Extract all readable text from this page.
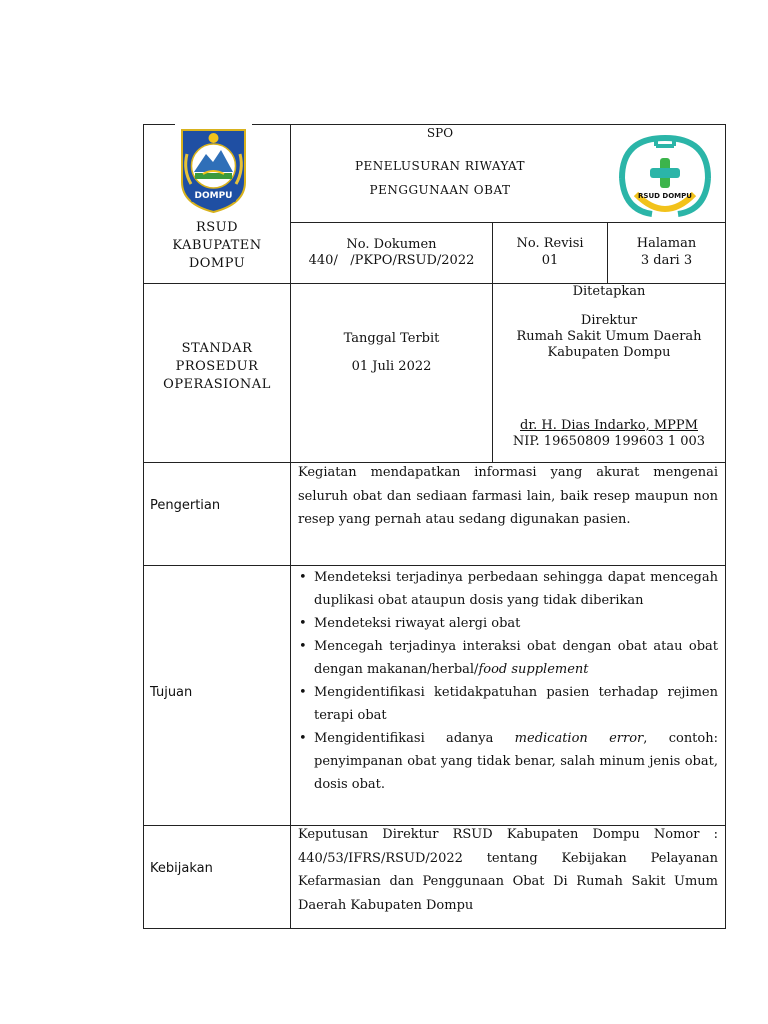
DOMPU
RSUD
KABUPATEN
DOMPU
SPO
PENELUSURAN RIWAYAT
PENGGUNAAN OBAT	RSUD DOMPU
No. Dokumen
440/   /PKPO/RSUD/2022
No. Revisi
01
Halaman
3 dari 3
STANDAR
PROSEDUR
OPERASIONAL
Tanggal Terbit
01 Juli 2022
Ditetapkan
Direktur
Rumah Sakit Umum Daerah
Kabupaten Dompu
dr. H. Dias Indarko, MPPM
NIP. 19650809 199603 1 003
Pengertian
Kegiatan mendapatkan informasi yang akurat mengenai seluruh obat dan sediaan farmasi lain, baik resep maupun non resep yang pernah atau sedang digunakan pasien.
Tujuan
• Mendeteksi terjadinya perbedaan sehingga dapat mencegah duplikasi obat ataupun dosis yang tidak diberikan
• Mendeteksi riwayat alergi obat
• Mencegah terjadinya interaksi obat dengan obat atau obat dengan makanan/herbal/food supplement
• Mengidentifikasi ketidakpatuhan pasien terhadap rejimen terapi obat
• Mengidentifikasi adanya medication error, contoh: penyimpanan obat yang tidak benar, salah minum jenis obat, dosis obat.
Kebijakan
Keputusan Direktur RSUD Kabupaten Dompu Nomor : 440/53/IFRS/RSUD/2022 tentang Kebijakan Pelayanan Kefarmasian dan Penggunaan Obat Di Rumah Sakit Umum Daerah Kabupaten Dompu
